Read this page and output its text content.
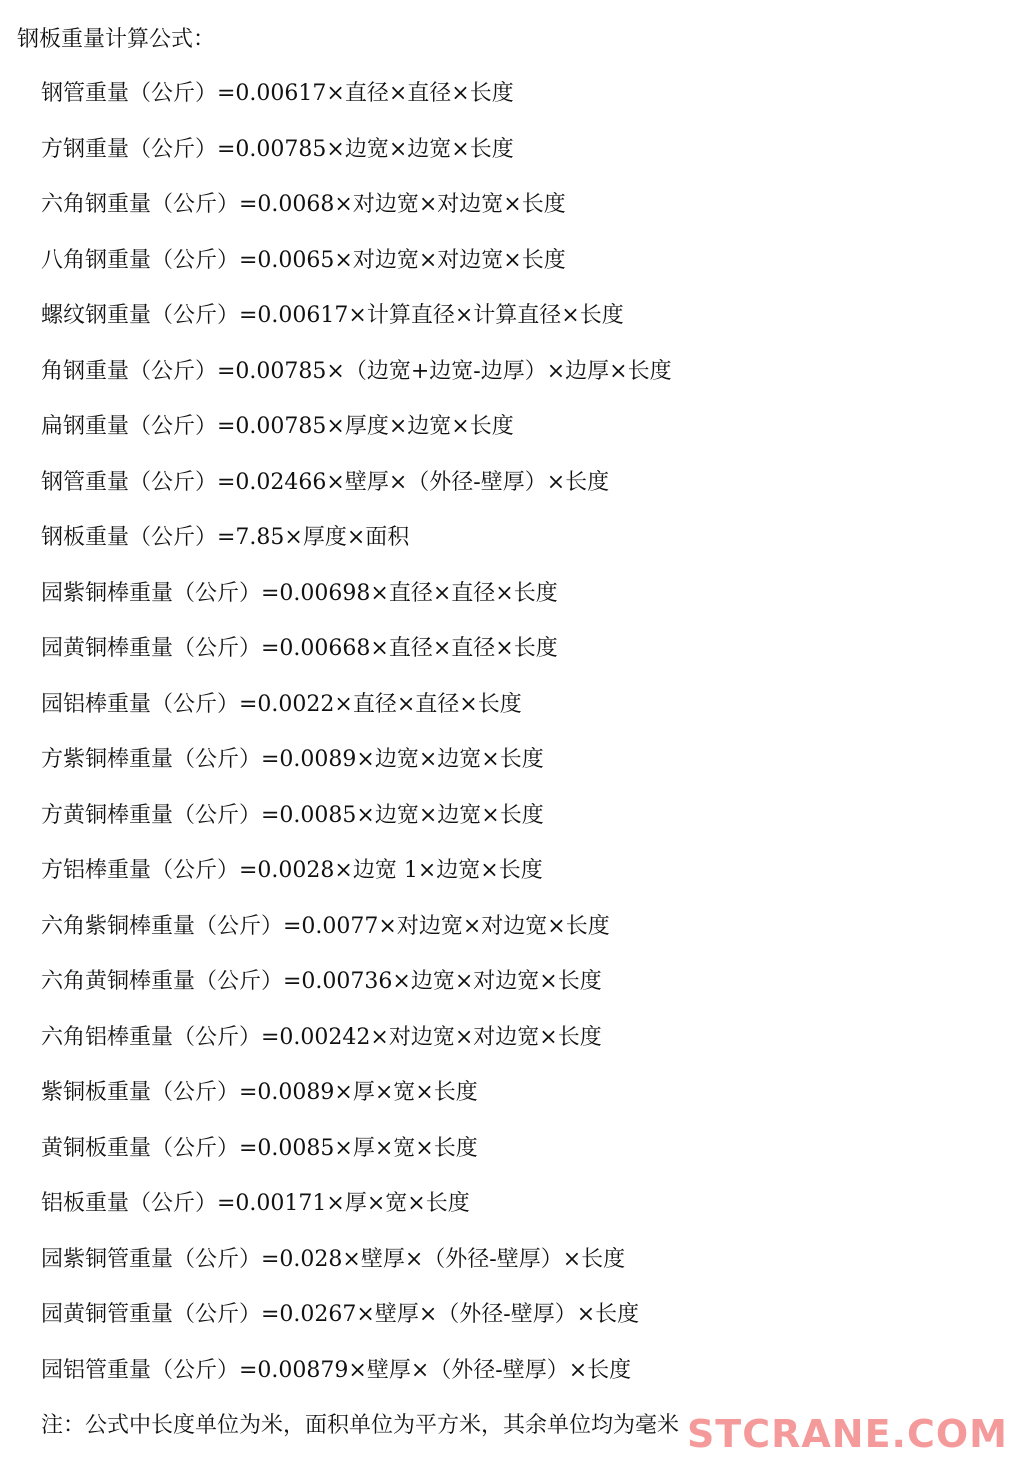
钢板重量计算公式：
钢管重量（公斤）=0.00617×直径×直径×长度
方钢重量（公斤）=0.00785×边宽×边宽×长度
六角钢重量（公斤）=0.0068×对边宽×对边宽×长度
八角钢重量（公斤）=0.0065×对边宽×对边宽×长度
螺纹钢重量（公斤）=0.00617×计算直径×计算直径×长度
角钢重量（公斤）=0.00785×（边宽+边宽-边厚）×边厚×长度
扁钢重量（公斤）=0.00785×厚度×边宽×长度
钢管重量（公斤）=0.02466×壁厚×（外径-壁厚）×长度
钢板重量（公斤）=7.85×厚度×面积
园紫铜棒重量（公斤）=0.00698×直径×直径×长度
园黄铜棒重量（公斤）=0.00668×直径×直径×长度
园铝棒重量（公斤）=0.0022×直径×直径×长度
方紫铜棒重量（公斤）=0.0089×边宽×边宽×长度
方黄铜棒重量（公斤）=0.0085×边宽×边宽×长度
方铝棒重量（公斤）=0.0028×边宽 1×边宽×长度
六角紫铜棒重量（公斤）=0.0077×对边宽×对边宽×长度
六角黄铜棒重量（公斤）=0.00736×边宽×对边宽×长度
六角铝棒重量（公斤）=0.00242×对边宽×对边宽×长度
紫铜板重量（公斤）=0.0089×厚×宽×长度
黄铜板重量（公斤）=0.0085×厚×宽×长度
铝板重量（公斤）=0.00171×厚×宽×长度
园紫铜管重量（公斤）=0.028×壁厚×（外径-壁厚）×长度
园黄铜管重量（公斤）=0.0267×壁厚×（外径-壁厚）×长度
园铝管重量（公斤）=0.00879×壁厚×（外径-壁厚）×长度
注：公式中长度单位为米，面积单位为平方米，其余单位均为毫米 STCRANE.COM
